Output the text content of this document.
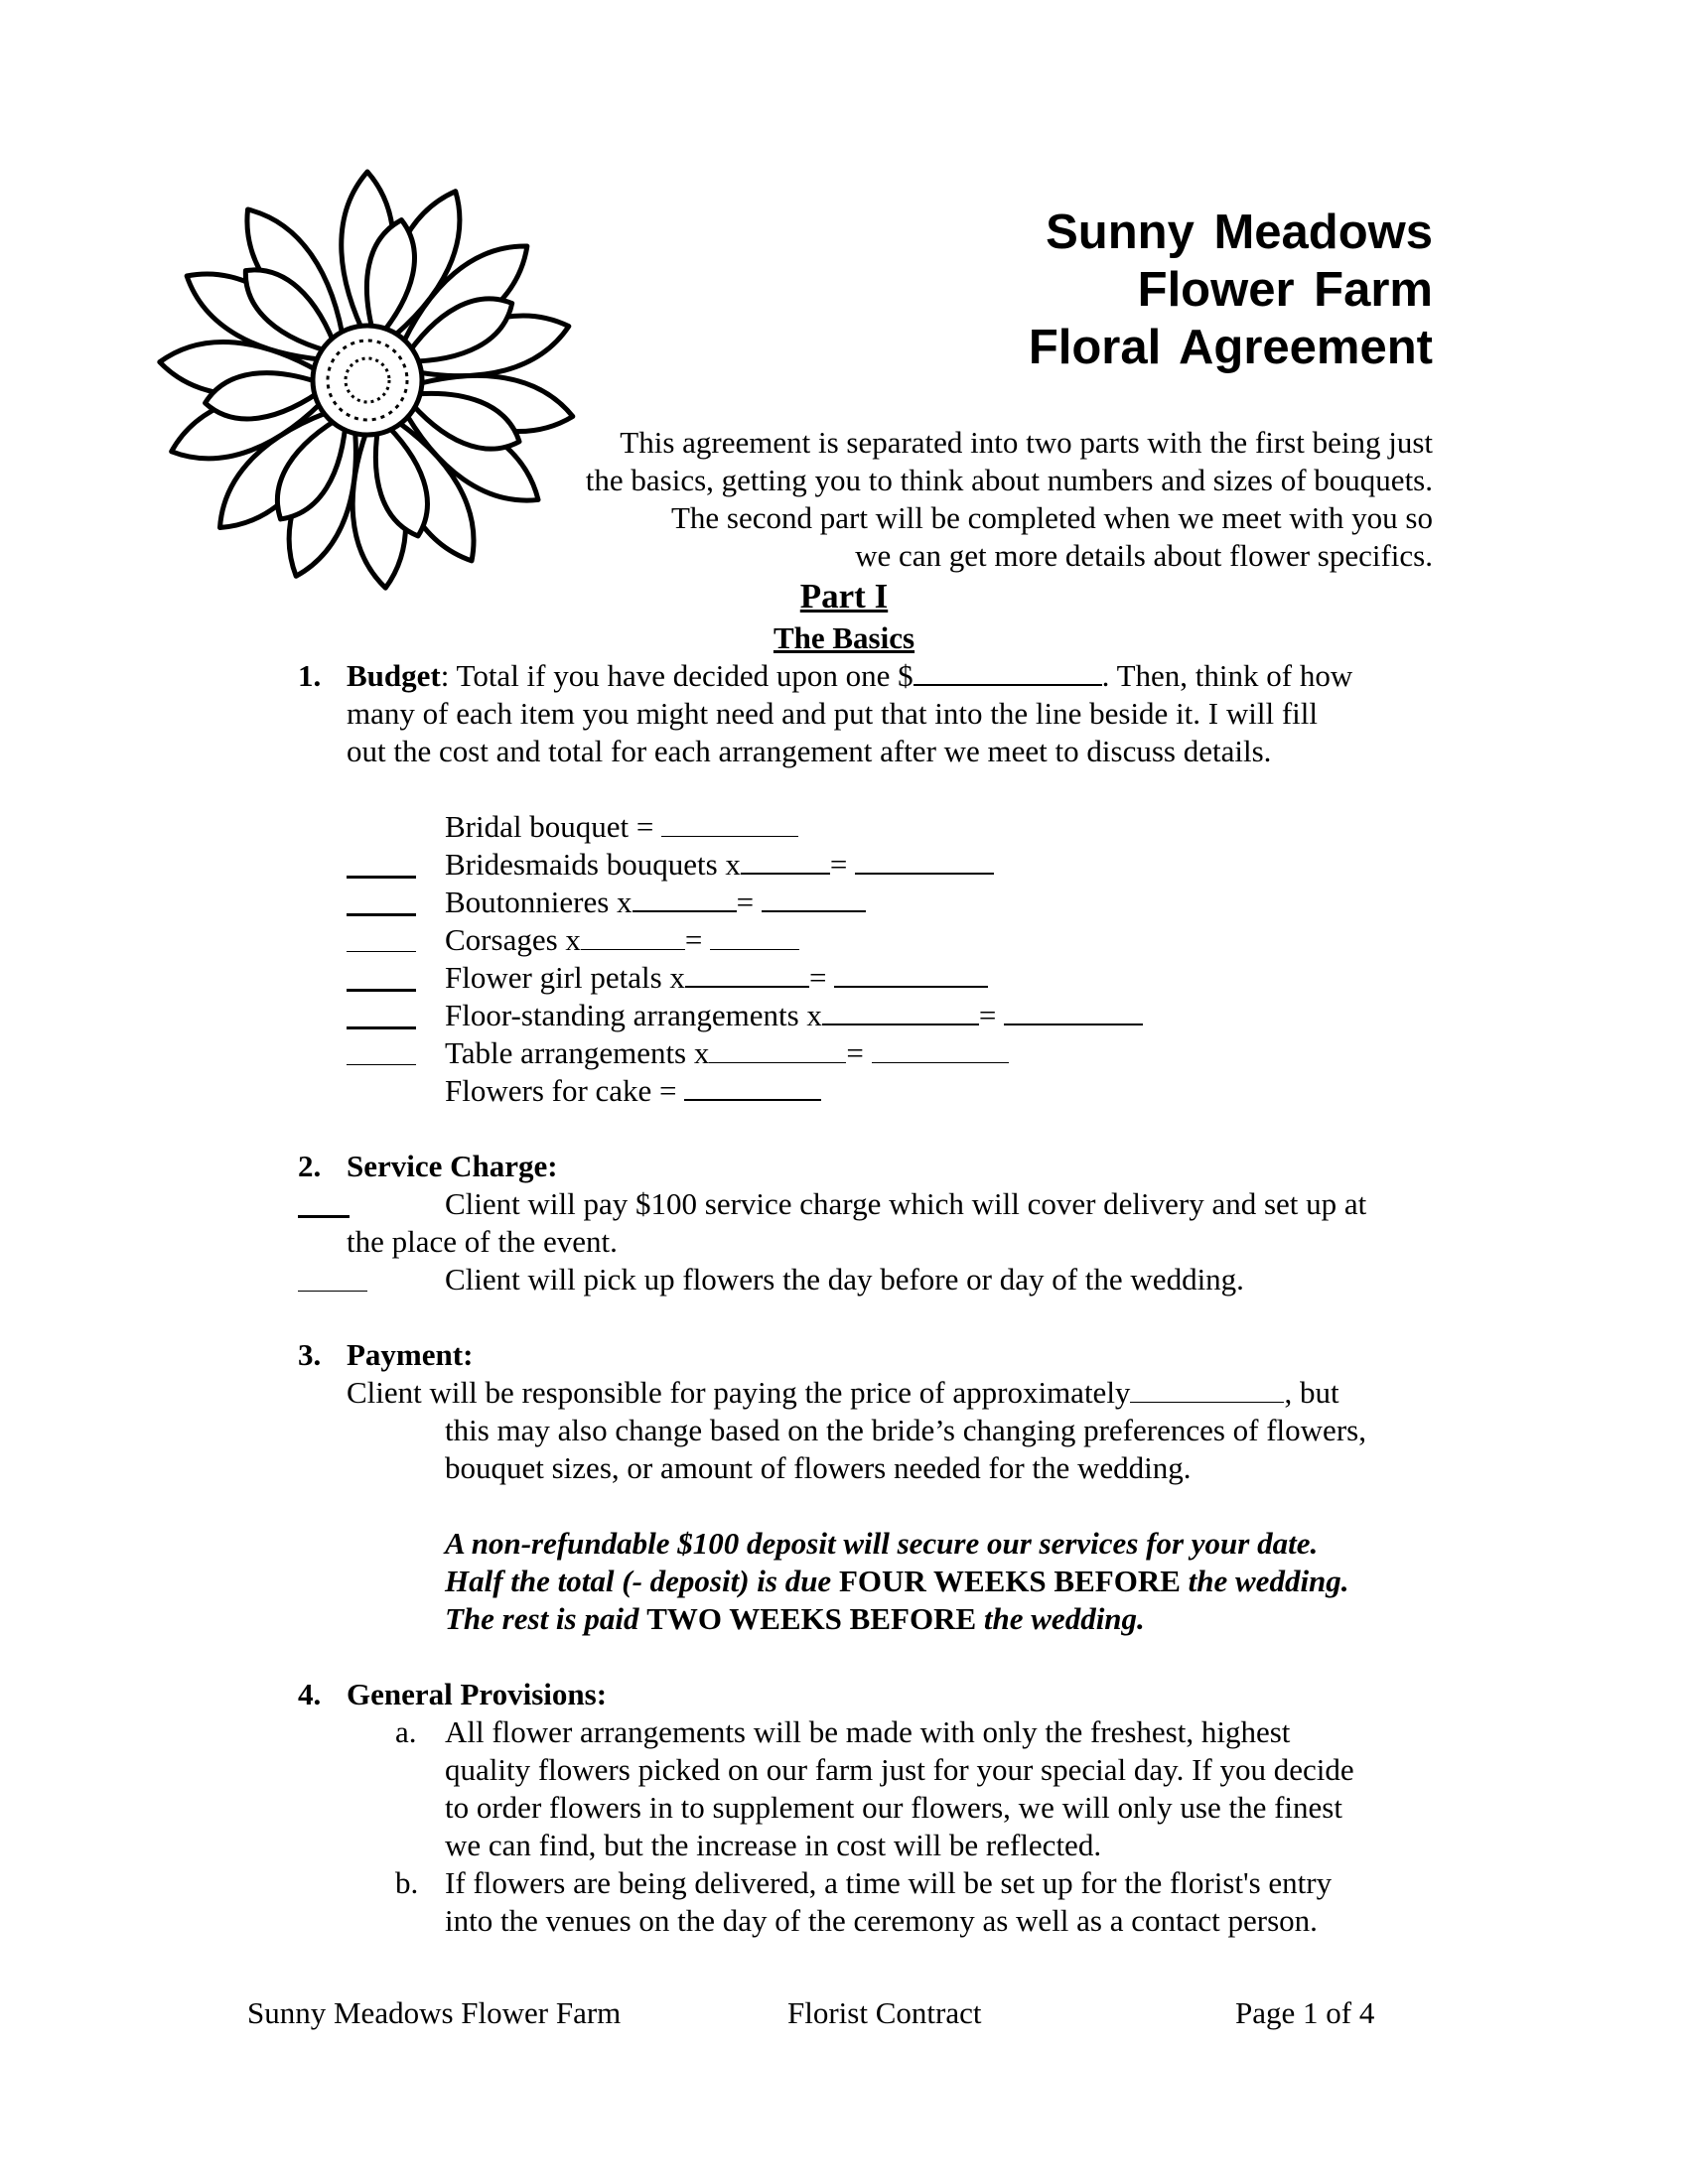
Sunny Meadows
Flower Farm
Floral Agreement
This agreement is separated into two parts with the first being just
the basics, getting you to think about numbers and sizes of bouquets.
The second part will be completed when we meet with you so
we can get more details about flower specifics.
Part I
The Basics
1. Budget: Total if you have decided upon one $	. Then, think of how
many of each item you might need and put that into the line beside it. I will fill
out the cost and total for each arrangement after we meet to discuss details.
Bridal bouquet =
Bridesmaids bouquets x	=
Boutonnieres x	=
Corsages x	=
Flower girl petals x	=
Floor-standing arrangements x	=
Table arrangements x	=
Flowers for cake =
2. Service Charge:
Client will pay $100 service charge which will cover delivery and set up at
the place of the event.
Client will pick up flowers the day before or day of the wedding.
3. Payment:
Client will be responsible for paying the price of approximately	, but
this may also change based on the bride’s changing preferences of flowers,
bouquet sizes, or amount of flowers needed for the wedding.
A non-refundable $100 deposit will secure our services for your date.
Half the total (- deposit) is due FOUR WEEKS BEFORE the wedding.
The rest is paid TWO WEEKS BEFORE the wedding.
4. General Provisions:
a. All flower arrangements will be made with only the freshest, highest
quality flowers picked on our farm just for your special day. If you decide
to order flowers in to supplement our flowers, we will only use the finest
we can find, but the increase in cost will be reflected.
b. If flowers are being delivered, a time will be set up for the florist's entry
into the venues on the day of the ceremony as well as a contact person.
Sunny Meadows Flower Farm	Florist Contract	Page 1 of 4
